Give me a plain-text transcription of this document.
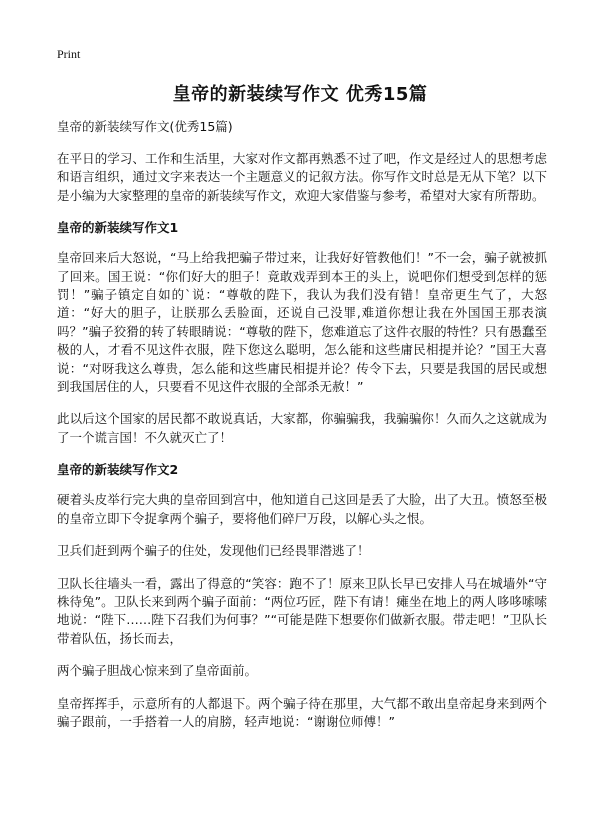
Print
皇帝的新装续写作文 优秀15篇

皇帝的新装续写作文(优秀15篇)

在平日的学习、工作和生活里，大家对作文都再熟悉不过了吧，作文是经过人的思想考虑和语言组织，通过文字来表达一个主题意义的记叙方法。你写作文时总是无从下笔？以下是小编为大家整理的皇帝的新装续写作文，欢迎大家借鉴与参考，希望对大家有所帮助。

皇帝的新装续写作文1

皇帝回来后大怒说，“马上给我把骗子带过来，让我好好管教他们！”不一会，骗子就被抓了回来。国王说：“你们好大的胆子！竟敢戏弄到本王的头上，说吧你们想受到怎样的惩罚！”骗子镇定自如的`说：“尊敬的陛下，我认为我们没有错！皇帝更生气了，大怒道：“好大的胆子，让朕那么丢脸面，还说自己没罪,难道你想让我在外国国王那表演吗？”骗子狡猾的转了转眼睛说：“尊敬的陛下，您难道忘了这件衣服的特性？只有愚蠢至极的人，才看不见这件衣服，陛下您这么聪明，怎么能和这些庸民相提并论？”国王大喜说：“对呀我这么尊贵，怎么能和这些庸民相提并论？传令下去，只要是我国的居民或想到我国居住的人，只要看不见这件衣服的全部杀无赦！”

此以后这个国家的居民都不敢说真话，大家都，你骗骗我，我骗骗你！久而久之这就成为了一个谎言国！不久就灭亡了！

皇帝的新装续写作文2

硬着头皮举行完大典的皇帝回到宫中，他知道自己这回是丢了大脸，出了大丑。愤怒至极的皇帝立即下令捉拿两个骗子，要将他们碎尸万段，以解心头之恨。

卫兵们赶到两个骗子的住处，发现他们已经畏罪潜逃了！

卫队长往墙头一看，露出了得意的“笑容：跑不了！原来卫队长早已安排人马在城墙外“守株待兔”。卫队长来到两个骗子面前：“两位巧匠，陛下有请！瘫坐在地上的两人哆哆嗦嗦地说：“陛下……陛下召我们为何事？”“可能是陛下想要你们做新衣服。带走吧！”卫队长带着队伍，扬长而去，

两个骗子胆战心惊来到了皇帝面前。

皇帝挥挥手，示意所有的人都退下。两个骗子待在那里，大气都不敢出皇帝起身来到两个骗子跟前，一手搭着一人的肩膀，轻声地说：“谢谢位师傅！”
